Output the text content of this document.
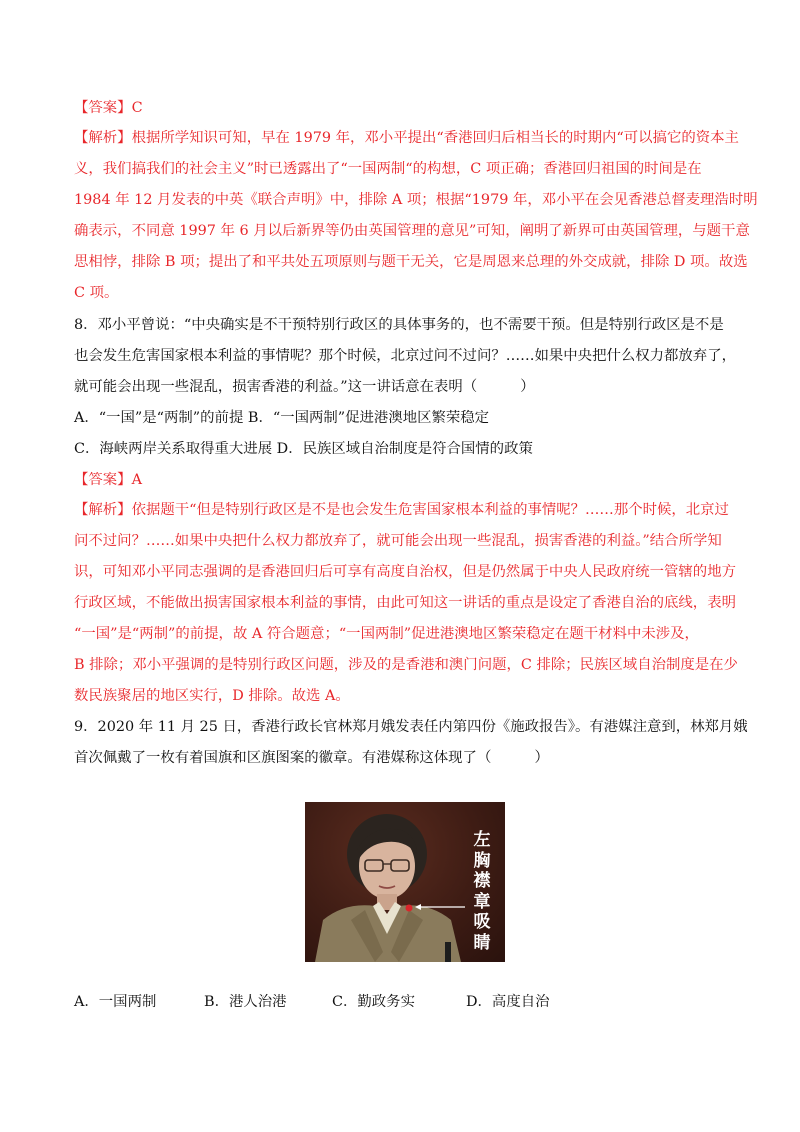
【答案】C
【解析】根据所学知识可知，早在 1979 年，邓小平提出“香港回归后相当长的时期内“可以搞它的资本主
义，我们搞我们的社会主义”时已透露出了“一国两制“的构想，C 项正确；香港回归祖国的时间是在
1984 年 12 月发表的中英《联合声明》中，排除 A 项；根据“1979 年，邓小平在会见香港总督麦理浩时明
确表示，不同意 1997 年 6 月以后新界等仍由英国管理的意见”可知，阐明了新界可由英国管理，与题干意
思相悖，排除 B 项；提出了和平共处五项原则与题干无关，它是周恩来总理的外交成就，排除 D 项。故选
C 项。
8．邓小平曾说：“中央确实是不干预特别行政区的具体事务的，也不需要干预。但是特别行政区是不是
也会发生危害国家根本利益的事情呢？那个时候，北京过问不过问？……如果中央把什么权力都放弃了，
就可能会出现一些混乱，损害香港的利益。”这一讲话意在表明（　　　）
A．“一国”是“两制”的前提 B．“一国两制”促进港澳地区繁荣稳定
C．海峡两岸关系取得重大进展 D．民族区域自治制度是符合国情的政策
【答案】A
【解析】依据题干“但是特别行政区是不是也会发生危害国家根本利益的事情呢？……那个时候，北京过
问不过问？……如果中央把什么权力都放弃了，就可能会出现一些混乱，损害香港的利益。”结合所学知
识，可知邓小平同志强调的是香港回归后可享有高度自治权，但是仍然属于中央人民政府统一管辖的地方
行政区域，不能做出损害国家根本利益的事情，由此可知这一讲话的重点是设定了香港自治的底线，表明
“一国”是“两制”的前提，故 A 符合题意；“一国两制”促进港澳地区繁荣稳定在题干材料中未涉及，
B 排除；邓小平强调的是特别行政区问题，涉及的是香港和澳门问题，C 排除；民族区域自治制度是在少
数民族聚居的地区实行，D 排除。故选 A。
9．2020 年 11 月 25 日，香港行政长官林郑月娥发表任内第四份《施政报告》。有港媒注意到，林郑月娥
首次佩戴了一枚有着国旗和区旗图案的徽章。有港媒称这体现了（　　　）
左
胸
襟
章
吸
睛
A．一国两制	B．港人治港	C．勤政务实	D．高度自治
